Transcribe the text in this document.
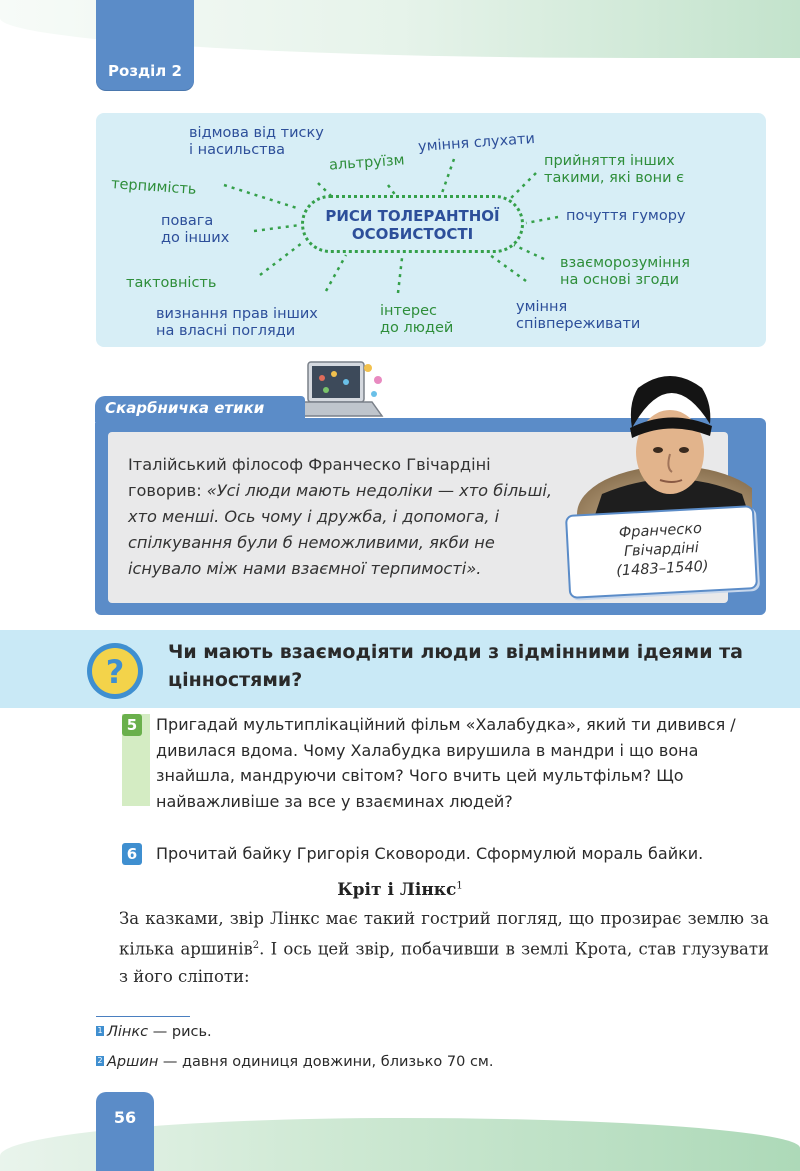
Розділ 2
РИСИ ТОЛЕРАНТНОЇ
ОСОБИСТОСТІ
відмова від тиску
і насильства
альтруїзм
уміння слухати
прийняття інших
такими, які вони є
терпимість
повага
до інших
почуття гумору
тактовність
взаєморозуміння
на основі згоди
визнання прав інших
на власні погляди
інтерес
до людей
уміння
співпереживати
Італійський філософ Франческо Гвічардіні говорив: «Усі люди мають недоліки — хто більші, хто менші. Ось чому і дружба, і допомога, і спілкування були б неможливими, якби не існувало між нами взаємної терпимості».
Скарбничка етики
Франческо
Гвічардіні
(1483–1540)
?
Чи мають взаємодіяти люди з відмінними ідеями та цінностями?
5 Пригадай мультиплікаційний фільм «Халабудка», який ти дивився / дивилася вдома. Чому Халабудка вирушила в мандри і що вона знайшла, мандруючи світом? Чого вчить цей мультфільм? Що найважливіше за все у взаєминах людей?
6 Прочитай байку Григорія Сковороди. Сформулюй мораль байки.
Кріт і Лінкс$^1$
За казками, звір Лінкс має такий гострий погляд, що прозирає землю за кілька аршинів$^2$. І ось цей звір, побачивши в землі Крота, став глузувати з його сліпоти:
1 Лінкс — рись.
2 Аршин — давня одиниця довжини, близько 70 см.
56
